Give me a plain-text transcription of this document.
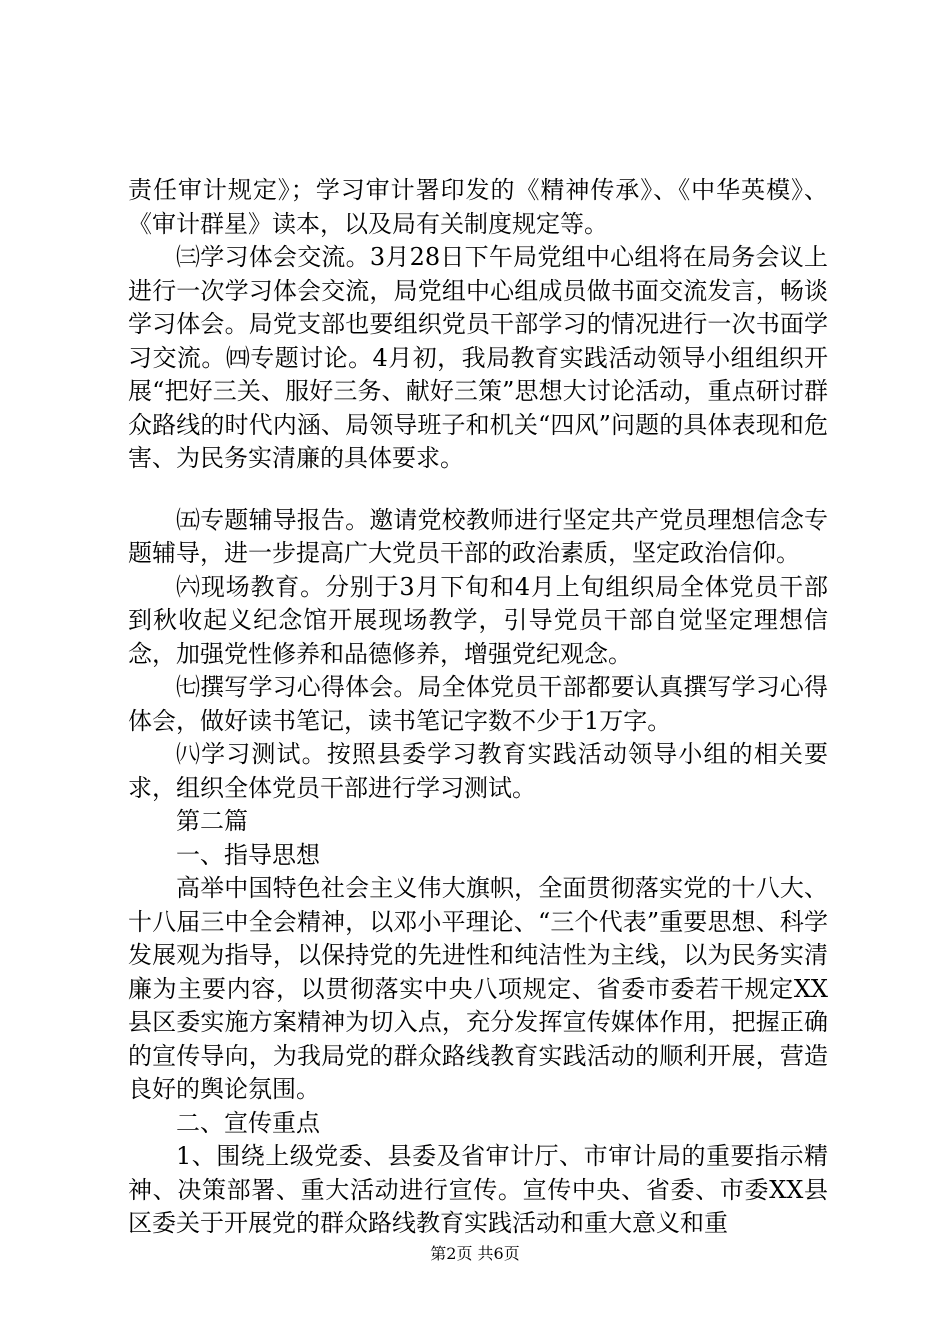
责任审计规定》；学习审计署印发的《精神传承》、《中华英模》、《审计群星》读本，以及局有关制度规定等。

㈢学习体会交流。3月28日下午局党组中心组将在局务会议上进行一次学习体会交流，局党组中心组成员做书面交流发言，畅谈学习体会。局党支部也要组织党员干部学习的情况进行一次书面学习交流。㈣专题讨论。4月初，我局教育实践活动领导小组组织开展“把好三关、服好三务、献好三策”思想大讨论活动，重点研讨群众路线的时代内涵、局领导班子和机关“四风”问题的具体表现和危害、为民务实清廉的具体要求。

㈤专题辅导报告。邀请党校教师进行坚定共产党员理想信念专题辅导，进一步提高广大党员干部的政治素质，坚定政治信仰。

㈥现场教育。分别于3月下旬和4月上旬组织局全体党员干部到秋收起义纪念馆开展现场教学，引导党员干部自觉坚定理想信念，加强党性修养和品德修养，增强党纪观念。

㈦撰写学习心得体会。局全体党员干部都要认真撰写学习心得体会，做好读书笔记，读书笔记字数不少于1万字。

㈧学习测试。按照县委学习教育实践活动领导小组的相关要求，组织全体党员干部进行学习测试。

第二篇

一、指导思想

高举中国特色社会主义伟大旗帜，全面贯彻落实党的十八大、十八届三中全会精神，以邓小平理论、“三个代表”重要思想、科学发展观为指导，以保持党的先进性和纯洁性为主线，以为民务实清廉为主要内容，以贯彻落实中央八项规定、省委市委若干规定XX县区委实施方案精神为切入点，充分发挥宣传媒体作用，把握正确的宣传导向，为我局党的群众路线教育实践活动的顺利开展，营造良好的舆论氛围。

二、宣传重点

1、围绕上级党委、县委及省审计厅、市审计局的重要指示精神、决策部署、重大活动进行宣传。宣传中央、省委、市委XX县区委关于开展党的群众路线教育实践活动和重大意义和重

第2页 共6页
